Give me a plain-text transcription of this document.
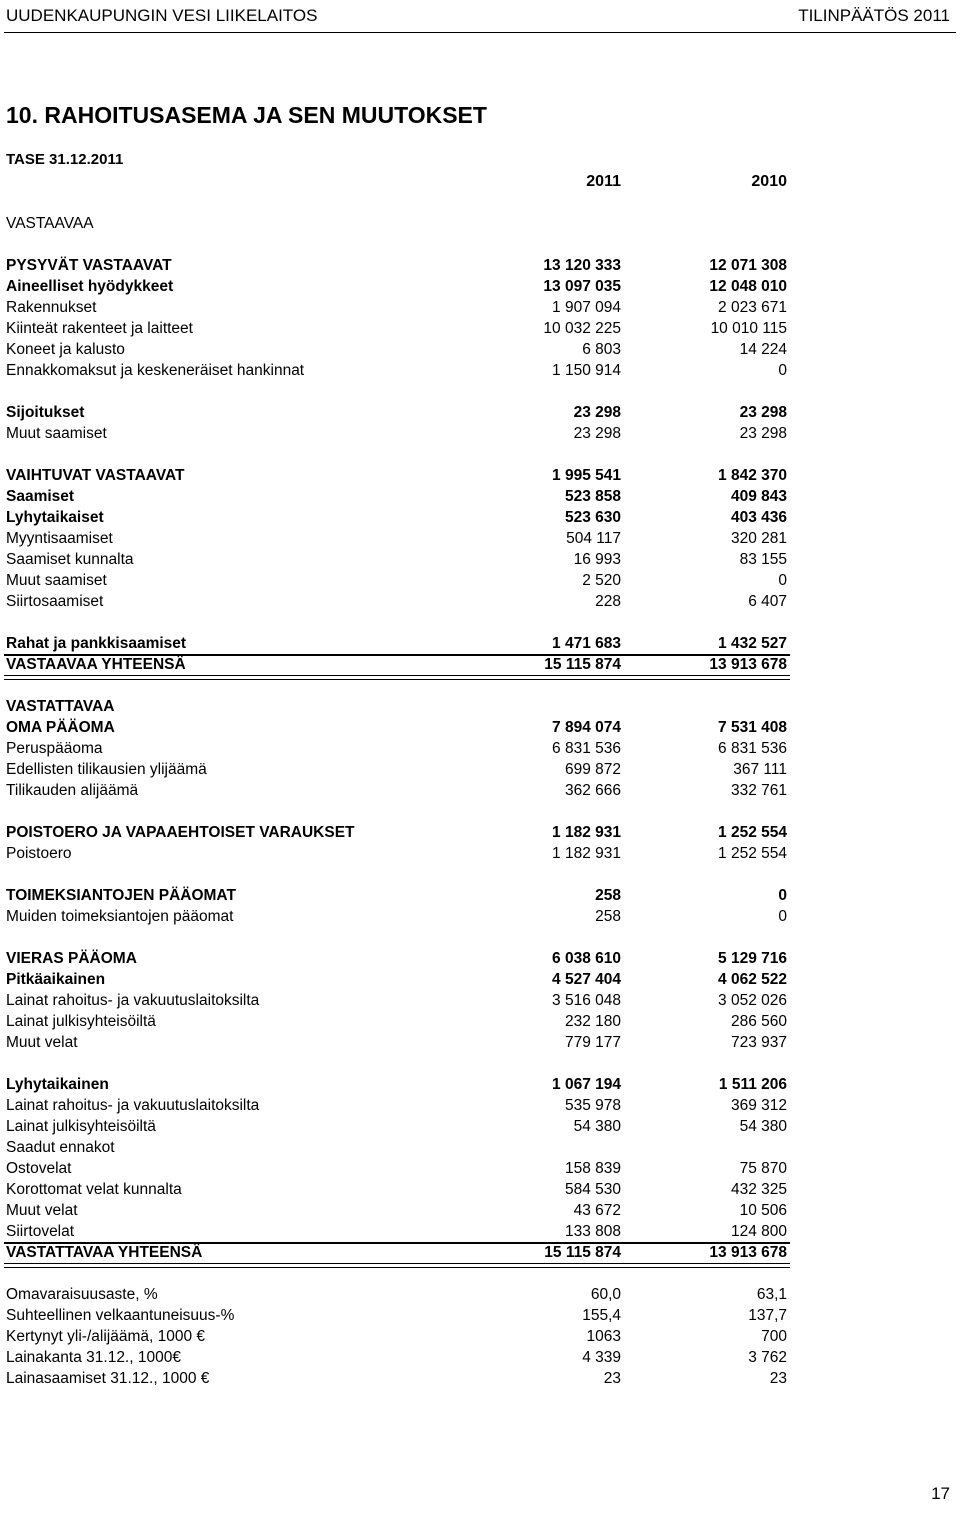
UUDENKAUPUNGIN VESI LIIKELAITOS	TILINPÄÄTÖS 2011
10. RAHOITUSASEMA JA SEN MUUTOKSET
TASE 31.12.2011
2011	2010
VASTAAVAA
PYSYVÄT VASTAAVAT	13 120 333	12 071 308
Aineelliset hyödykkeet	13 097 035	12 048 010
Rakennukset	1 907 094	2 023 671
Kiinteät rakenteet ja laitteet	10 032 225	10 010 115
Koneet ja kalusto	6 803	14 224
Ennakkomaksut ja keskeneräiset hankinnat	1 150 914	0
Sijoitukset	23 298	23 298
Muut saamiset	23 298	23 298
VAIHTUVAT VASTAAVAT	1 995 541	1 842 370
Saamiset	523 858	409 843
Lyhytaikaiset	523 630	403 436
Myyntisaamiset	504 117	320 281
Saamiset kunnalta	16 993	83 155
Muut saamiset	2 520	0
Siirtosaamiset	228	6 407
Rahat ja pankkisaamiset	1 471 683	1 432 527
VASTAAVAA YHTEENSÄ	15 115 874	13 913 678
VASTATTAVAA
OMA PÄÄOMA	7 894 074	7 531 408
Peruspääoma	6 831 536	6 831 536
Edellisten tilikausien ylijäämä	699 872	367 111
Tilikauden alijäämä	362 666	332 761
POISTOERO JA VAPAAEHTOISET VARAUKSET	1 182 931	1 252 554
Poistoero	1 182 931	1 252 554
TOIMEKSIANTOJEN PÄÄOMAT	258	0
Muiden toimeksiantojen pääomat	258	0
VIERAS PÄÄOMA	6 038 610	5 129 716
Pitkäaikainen	4 527 404	4 062 522
Lainat rahoitus- ja vakuutuslaitoksilta	3 516 048	3 052 026
Lainat julkisyhteisöiltä	232 180	286 560
Muut velat	779 177	723 937
Lyhytaikainen	1 067 194	1 511 206
Lainat rahoitus- ja vakuutuslaitoksilta	535 978	369 312
Lainat julkisyhteisöiltä	54 380	54 380
Saadut ennakot
Ostovelat	158 839	75 870
Korottomat velat kunnalta	584 530	432 325
Muut velat	43 672	10 506
Siirtovelat	133 808	124 800
VASTATTAVAA YHTEENSÄ	15 115 874	13 913 678
Omavaraisuusaste, %	60,0	63,1
Suhteellinen velkaantuneisuus-%	155,4	137,7
Kertynyt yli-/alijäämä, 1000 €	1063	700
Lainakanta 31.12., 1000€	4 339	3 762
Lainasaamiset 31.12., 1000 €	23	23
17
